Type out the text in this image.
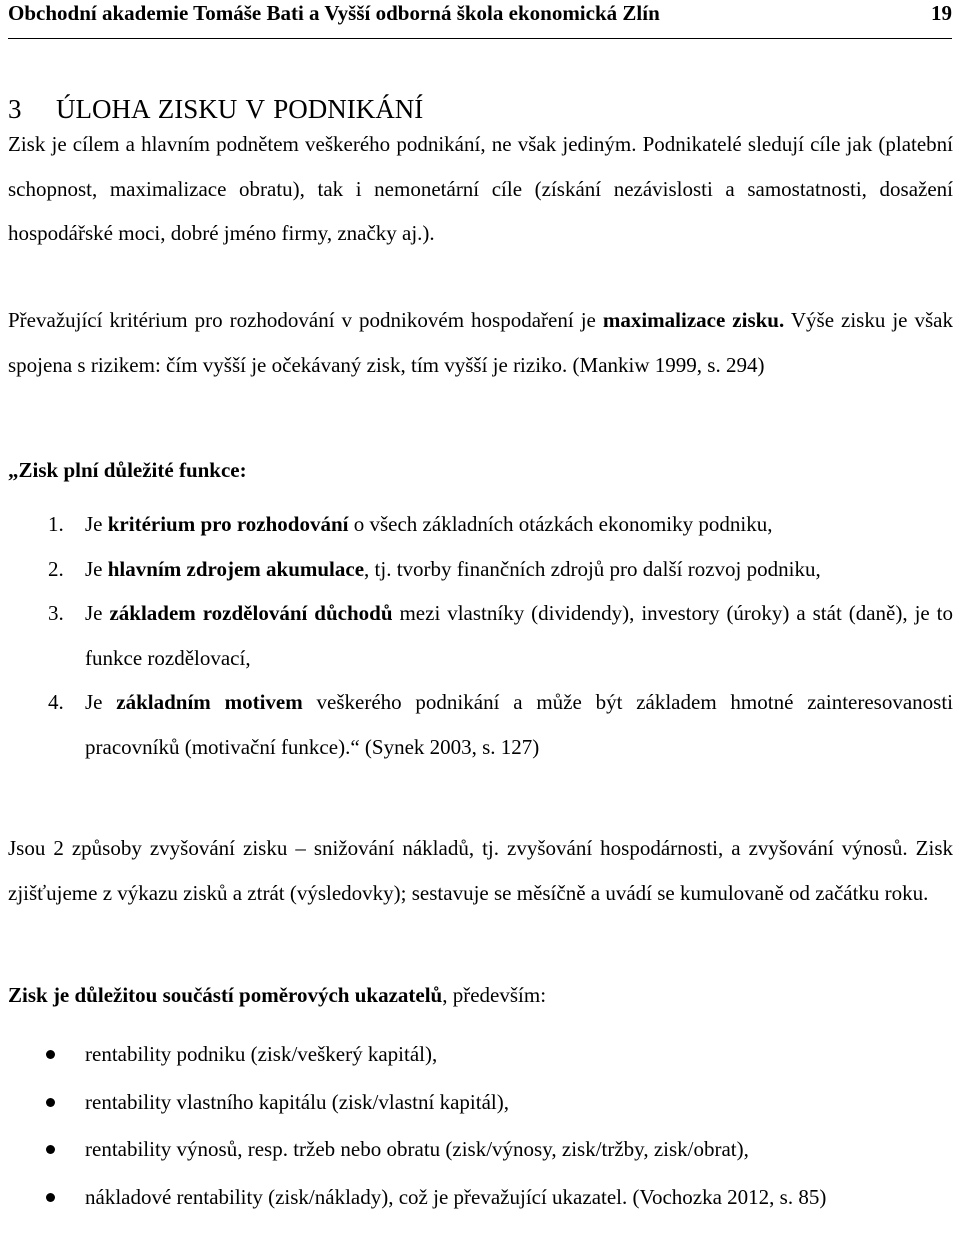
Obchodní akademie Tomáše Bati a Vyšší odborná škola ekonomická Zlín	19
3 ÚLOHA ZISKU V PODNIKÁNÍ

Zisk je cílem a hlavním podnětem veškerého podnikání, ne však jediným. Podnikatelé sledují cíle jak (platební schopnost, maximalizace obratu), tak i nemonetární cíle (získání nezávislosti a samostatnosti, dosažení hospodářské moci, dobré jméno firmy, značky aj.).

Převažující kritérium pro rozhodování v podnikovém hospodaření je maximalizace zisku. Výše zisku je však spojena s rizikem: čím vyšší je očekávaný zisk, tím vyšší je riziko. (Mankiw 1999, s. 294)

„Zisk plní důležité funkce:

1. Je kritérium pro rozhodování o všech základních otázkách ekonomiky podniku,
2. Je hlavním zdrojem akumulace, tj. tvorby finančních zdrojů pro další rozvoj podniku,
3. Je základem rozdělování důchodů mezi vlastníky (dividendy), investory (úroky) a stát (daně), je to funkce rozdělovací,
4. Je základním motivem veškerého podnikání a může být základem hmotné zainteresovanosti pracovníků (motivační funkce).“ (Synek 2003, s. 127)

Jsou 2 způsoby zvyšování zisku – snižování nákladů, tj. zvyšování hospodárnosti, a zvyšování výnosů. Zisk zjišťujeme z výkazu zisků a ztrát (výsledovky); sestavuje se měsíčně a uvádí se kumulovaně od začátku roku.

Zisk je důležitou součástí poměrových ukazatelů, především:

rentability podniku (zisk/veškerý kapitál),
rentability vlastního kapitálu (zisk/vlastní kapitál),
rentability výnosů, resp. tržeb nebo obratu (zisk/výnosy, zisk/tržby, zisk/obrat),
nákladové rentability (zisk/náklady), což je převažující ukazatel. (Vochozka 2012, s. 85)
